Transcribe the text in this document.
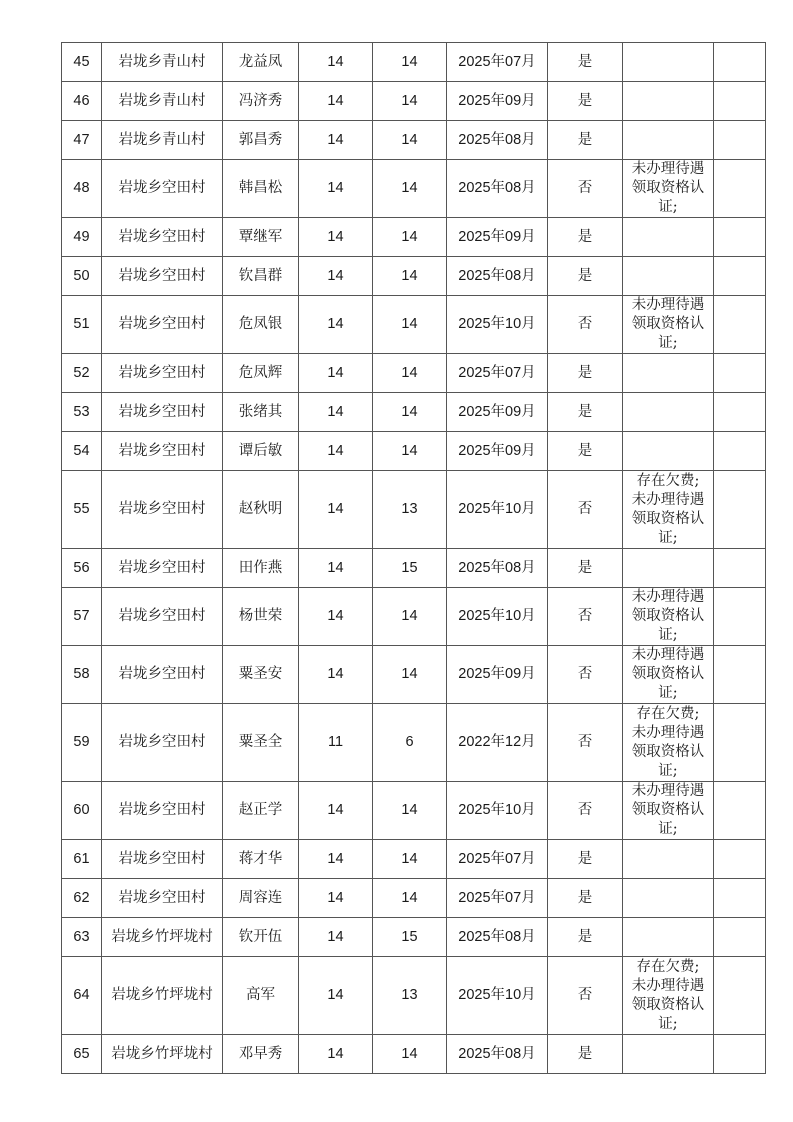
45	岩垅乡青山村	龙益凤	14	14	2025年07月	是		
46	岩垅乡青山村	冯济秀	14	14	2025年09月	是		
47	岩垅乡青山村	郭昌秀	14	14	2025年08月	是		
48	岩垅乡空田村	韩昌松	14	14	2025年08月	否	未办理待遇
领取资格认
证;	

49	岩垅乡空田村	覃继军	14	14	2025年09月	是		
50	岩垅乡空田村	钦昌群	14	14	2025年08月	是		
51	岩垅乡空田村	危凤银	14	14	2025年10月	否	未办理待遇
领取资格认
证;	

52	岩垅乡空田村	危凤辉	14	14	2025年07月	是		
53	岩垅乡空田村	张绪其	14	14	2025年09月	是		
54	岩垅乡空田村	谭后敏	14	14	2025年09月	是		
55	岩垅乡空田村	赵秋明	14	13	2025年10月	否	存在欠费;
未办理待遇
领取资格认
证;	

56	岩垅乡空田村	田作燕	14	15	2025年08月	是		
57	岩垅乡空田村	杨世荣	14	14	2025年10月	否	未办理待遇
领取资格认
证;	

58	岩垅乡空田村	粟圣安	14	14	2025年09月	否	未办理待遇
领取资格认
证;	

59	岩垅乡空田村	粟圣全	11	6	2022年12月	否	存在欠费;
未办理待遇
领取资格认
证;	

60	岩垅乡空田村	赵正学	14	14	2025年10月	否	未办理待遇
领取资格认
证;	

61	岩垅乡空田村	蒋才华	14	14	2025年07月	是		
62	岩垅乡空田村	周容连	14	14	2025年07月	是		
63	岩垅乡竹坪垅村	钦开伍	14	15	2025年08月	是		
64	岩垅乡竹坪垅村	高军	14	13	2025年10月	否	存在欠费;
未办理待遇
领取资格认
证;	

65	岩垅乡竹坪垅村	邓早秀	14	14	2025年08月	是		
